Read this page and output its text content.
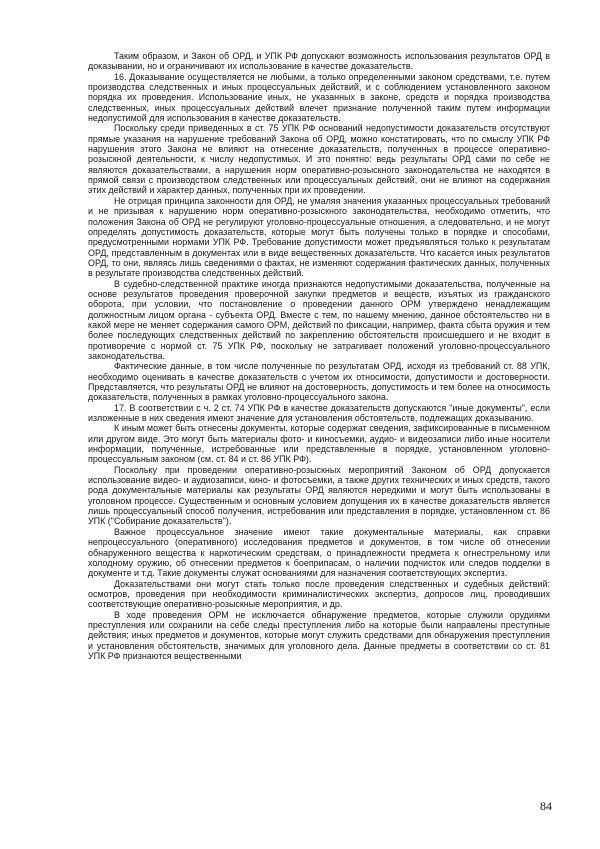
Таким образом, и Закон об ОРД, и УПК РФ допускают возможность использования результатов ОРД в доказывании, но и ограничивают их использование в качестве доказательств.

16. Доказывание осуществляется не любыми, а только определенными законом средствами, т.е. путем производства следственных и иных процессуальных действий, и с соблюдением установленного законом порядка их проведения. Использование иных, не указанных в законе, средств и порядка производства следственных, иных процессуальных действий влечет признание полученной таким путем информации недопустимой для использования в качестве доказательств.

Поскольку среди приведенных в ст. 75 УПК РФ оснований недопустимости доказательств отсутствуют прямые указания на нарушение требований Закона об ОРД, можно констатировать, что по смыслу УПК РФ нарушения этого Закона не влияют на отнесение доказательств, полученных в процессе оперативно-розыскной деятельности, к числу недопустимых. И это понятно: ведь результаты ОРД сами по себе не являются доказательствами, а нарушения норм оперативно-розыскного законодательства не находятся в прямой связи с производством следственных или процессуальных действий, они не влияют на содержания этих действий и характер данных, полученных при их проведении.

Не отрицая принципа законности для ОРД, не умаляя значения указанных процессуальных требований и не призывая к нарушению норм оперативно-розыскного законодательства, необходимо отметить, что положения Закона об ОРД не регулируют уголовно-процессуальные отношения, а следовательно, и не могут определять допустимость доказательств, которые могут быть получены только в порядке и способами, предусмотренными нормами УПК РФ. Требование допустимости может предъявляться только к результатам ОРД, представленным в документах или в виде вещественных доказательств. Что касается иных результатов ОРД, то они, являясь лишь сведениями о фактах, не изменяют содержания фактических данных, полученных в результате производства следственных действий.

В судебно-следственной практике иногда признаются недопустимыми доказательства, полученные на основе результатов проведения проверочной закупки предметов и веществ, изъятых из гражданского оборота, при условии, что постановление о проведении данного ОРМ утверждено ненадлежащим должностным лицом органа - субъекта ОРД. Вместе с тем, по нашему мнению, данное обстоятельство ни в какой мере не меняет содержания самого ОРМ, действий по фиксации, например, факта сбыта оружия и тем более последующих следственных действий по закреплению обстоятельств происшедшего и не входит в противоречие с нормой ст. 75 УПК РФ, поскольку не затрагивает положений уголовно-процессуального законодательства.

Фактические данные, в том числе полученные по результатам ОРД, исходя из требований ст. 88 УПК, необходимо оценивать в качестве доказательств с учетом их относимости, допустимости и достоверности. Представляется, что результаты ОРД не влияют на достоверность, допустимость и тем более на относимость доказательств, полученных в рамках уголовно-процессуального закона.

17. В соответствии с ч. 2 ст. 74 УПК РФ в качестве доказательств допускаются "иные документы", если изложенные в них сведения имеют значение для установления обстоятельств, подлежащих доказыванию.

К иным может быть отнесены документы, которые содержат сведения, зафиксированные в письменном или другом виде. Это могут быть материалы фото- и киносъемки, аудио- и видеозаписи либо иные носители информации, полученные, истребованные или представленные в порядке, установленном уголовно-процессуальным законом (см. ст. 84 и ст. 86 УПК РФ).

Поскольку при проведении оперативно-розыскных мероприятий Законом об ОРД допускается использование видео- и аудиозаписи, кино- и фотосъемки, а также других технических и иных средств, такого рода документальные материалы как результаты ОРД являются нередкими и могут быть использованы в уголовном процессе. Существенным и основным условием допущения их в качестве доказательств является лишь процессуальный способ получения, истребования или представления в порядке, установленном ст. 86 УПК ("Собирание доказательств").

Важное процессуальное значение имеют такие документальные материалы, как справки непроцессуального (оперативного) исследования предметов и документов, в том числе об отнесении обнаруженного вещества к наркотическим средствам, о принадлежности предмета к огнестрельному или холодному оружию, об отнесении предметов к боеприпасам, о наличии подчисток или следов подделки в документе и т.д. Такие документы служат основаниями для назначения соответствующих экспертиз.

Доказательствами они могут стать только после проведения следственных и судебных действий: осмотров, проведения при необходимости криминалистических экспертиз, допросов лиц, проводивших соответствующие оперативно-розыскные мероприятия, и др.

В ходе проведения ОРМ не исключается обнаружение предметов, которые служили орудиями преступления или сохранили на себе следы преступления либо на которые были направлены преступные действия; иных предметов и документов, которые могут служить средствами для обнаружения преступления и установления обстоятельств, значимых для уголовного дела. Данные предметы в соответствии со ст. 81 УПК РФ признаются вещественными

84
